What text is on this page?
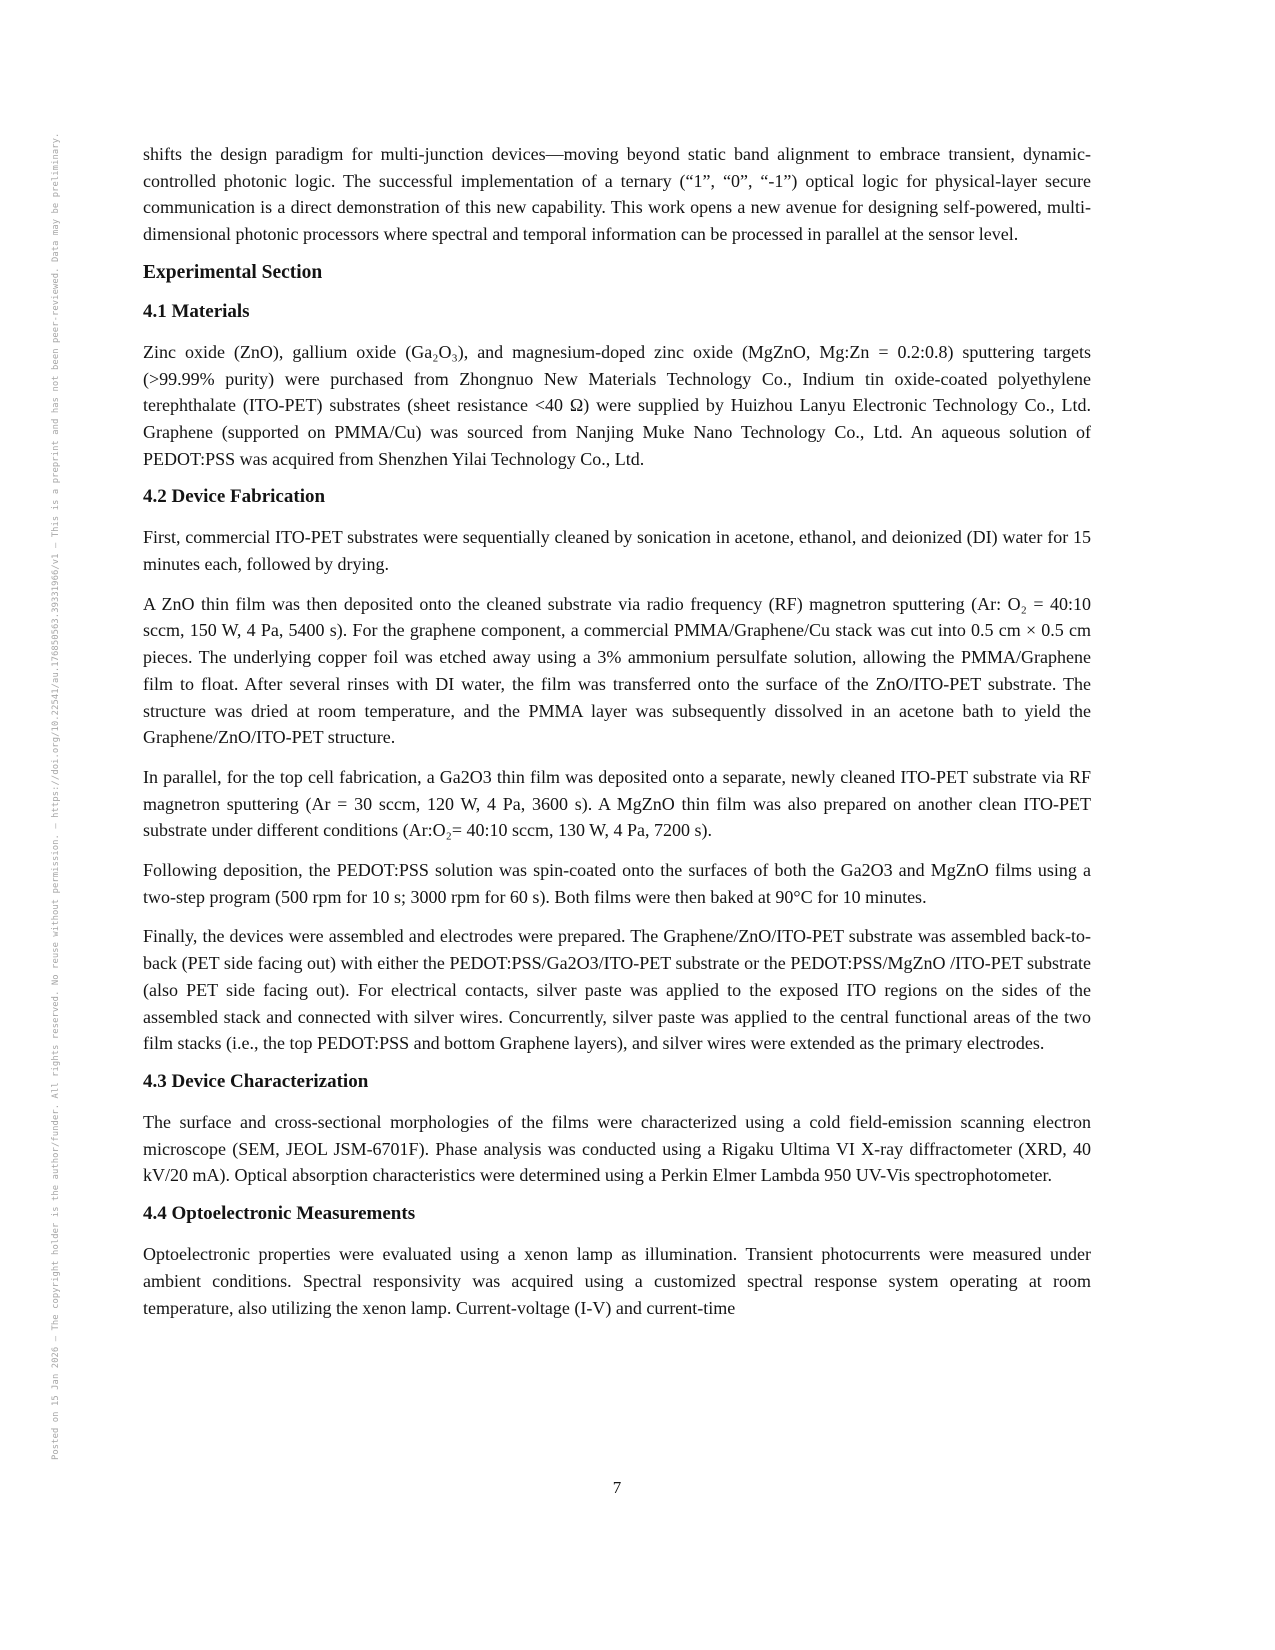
Posted on 15 Jan 2026 — The copyright holder is the author/funder. All rights reserved. No reuse without permission. — https://doi.org/10.22541/au.176850563.39331966/v1 — This is a preprint and has not been peer-reviewed. Data may be preliminary.	shifts the design paradigm for multi-junction devices—moving beyond static band alignment to embrace transient, dynamic-controlled photonic logic. The successful implementation of a ternary (“1”, “0”, “-1”) optical logic for physical-layer secure communication is a direct demonstration of this new capability. This work opens a new avenue for designing self-powered, multi-dimensional photonic processors where spectral and temporal information can be processed in parallel at the sensor level.

Experimental Section
4.1 Materials

Zinc oxide (ZnO), gallium oxide (Ga₂O₃), and magnesium-doped zinc oxide (MgZnO, Mg:Zn = 0.2:0.8) sputtering targets (>99.99% purity) were purchased from Zhongnuo New Materials Technology Co., Indium tin oxide-coated polyethylene terephthalate (ITO-PET) substrates (sheet resistance <40 Ω) were supplied by Huizhou Lanyu Electronic Technology Co., Ltd. Graphene (supported on PMMA/Cu) was sourced from Nanjing Muke Nano Technology Co., Ltd. An aqueous solution of PEDOT:PSS was acquired from Shenzhen Yilai Technology Co., Ltd.

4.2 Device Fabrication

First, commercial ITO-PET substrates were sequentially cleaned by sonication in acetone, ethanol, and deionized (DI) water for 15 minutes each, followed by drying.

A ZnO thin film was then deposited onto the cleaned substrate via radio frequency (RF) magnetron sputtering (Ar: O₂ = 40:10 sccm, 150 W, 4 Pa, 5400 s). For the graphene component, a commercial PMMA/Graphene/Cu stack was cut into 0.5 cm × 0.5 cm pieces. The underlying copper foil was etched away using a 3% ammonium persulfate solution, allowing the PMMA/Graphene film to float. After several rinses with DI water, the film was transferred onto the surface of the ZnO/ITO-PET substrate. The structure was dried at room temperature, and the PMMA layer was subsequently dissolved in an acetone bath to yield the Graphene/ZnO/ITO-PET structure.

In parallel, for the top cell fabrication, a Ga2O3 thin film was deposited onto a separate, newly cleaned ITO-PET substrate via RF magnetron sputtering (Ar = 30 sccm, 120 W, 4 Pa, 3600 s). A MgZnO thin film was also prepared on another clean ITO-PET substrate under different conditions (Ar:O₂= 40:10 sccm, 130 W, 4 Pa, 7200 s).

Following deposition, the PEDOT:PSS solution was spin-coated onto the surfaces of both the Ga2O3 and MgZnO films using a two-step program (500 rpm for 10 s; 3000 rpm for 60 s). Both films were then baked at 90°C for 10 minutes.

Finally, the devices were assembled and electrodes were prepared. The Graphene/ZnO/ITO-PET substrate was assembled back-to-back (PET side facing out) with either the PEDOT:PSS/Ga2O3/ITO-PET substrate or the PEDOT:PSS/MgZnO /ITO-PET substrate (also PET side facing out). For electrical contacts, silver paste was applied to the exposed ITO regions on the sides of the assembled stack and connected with silver wires. Concurrently, silver paste was applied to the central functional areas of the two film stacks (i.e., the top PEDOT:PSS and bottom Graphene layers), and silver wires were extended as the primary electrodes.

4.3 Device Characterization

The surface and cross-sectional morphologies of the films were characterized using a cold field-emission scanning electron microscope (SEM, JEOL JSM-6701F). Phase analysis was conducted using a Rigaku Ultima VI X-ray diffractometer (XRD, 40 kV/20 mA). Optical absorption characteristics were determined using a Perkin Elmer Lambda 950 UV-Vis spectrophotometer.

4.4 Optoelectronic Measurements

Optoelectronic properties were evaluated using a xenon lamp as illumination. Transient photocurrents were measured under ambient conditions. Spectral responsivity was acquired using a customized spectral response system operating at room temperature, also utilizing the xenon lamp. Current-voltage (I-V) and current-time

7
